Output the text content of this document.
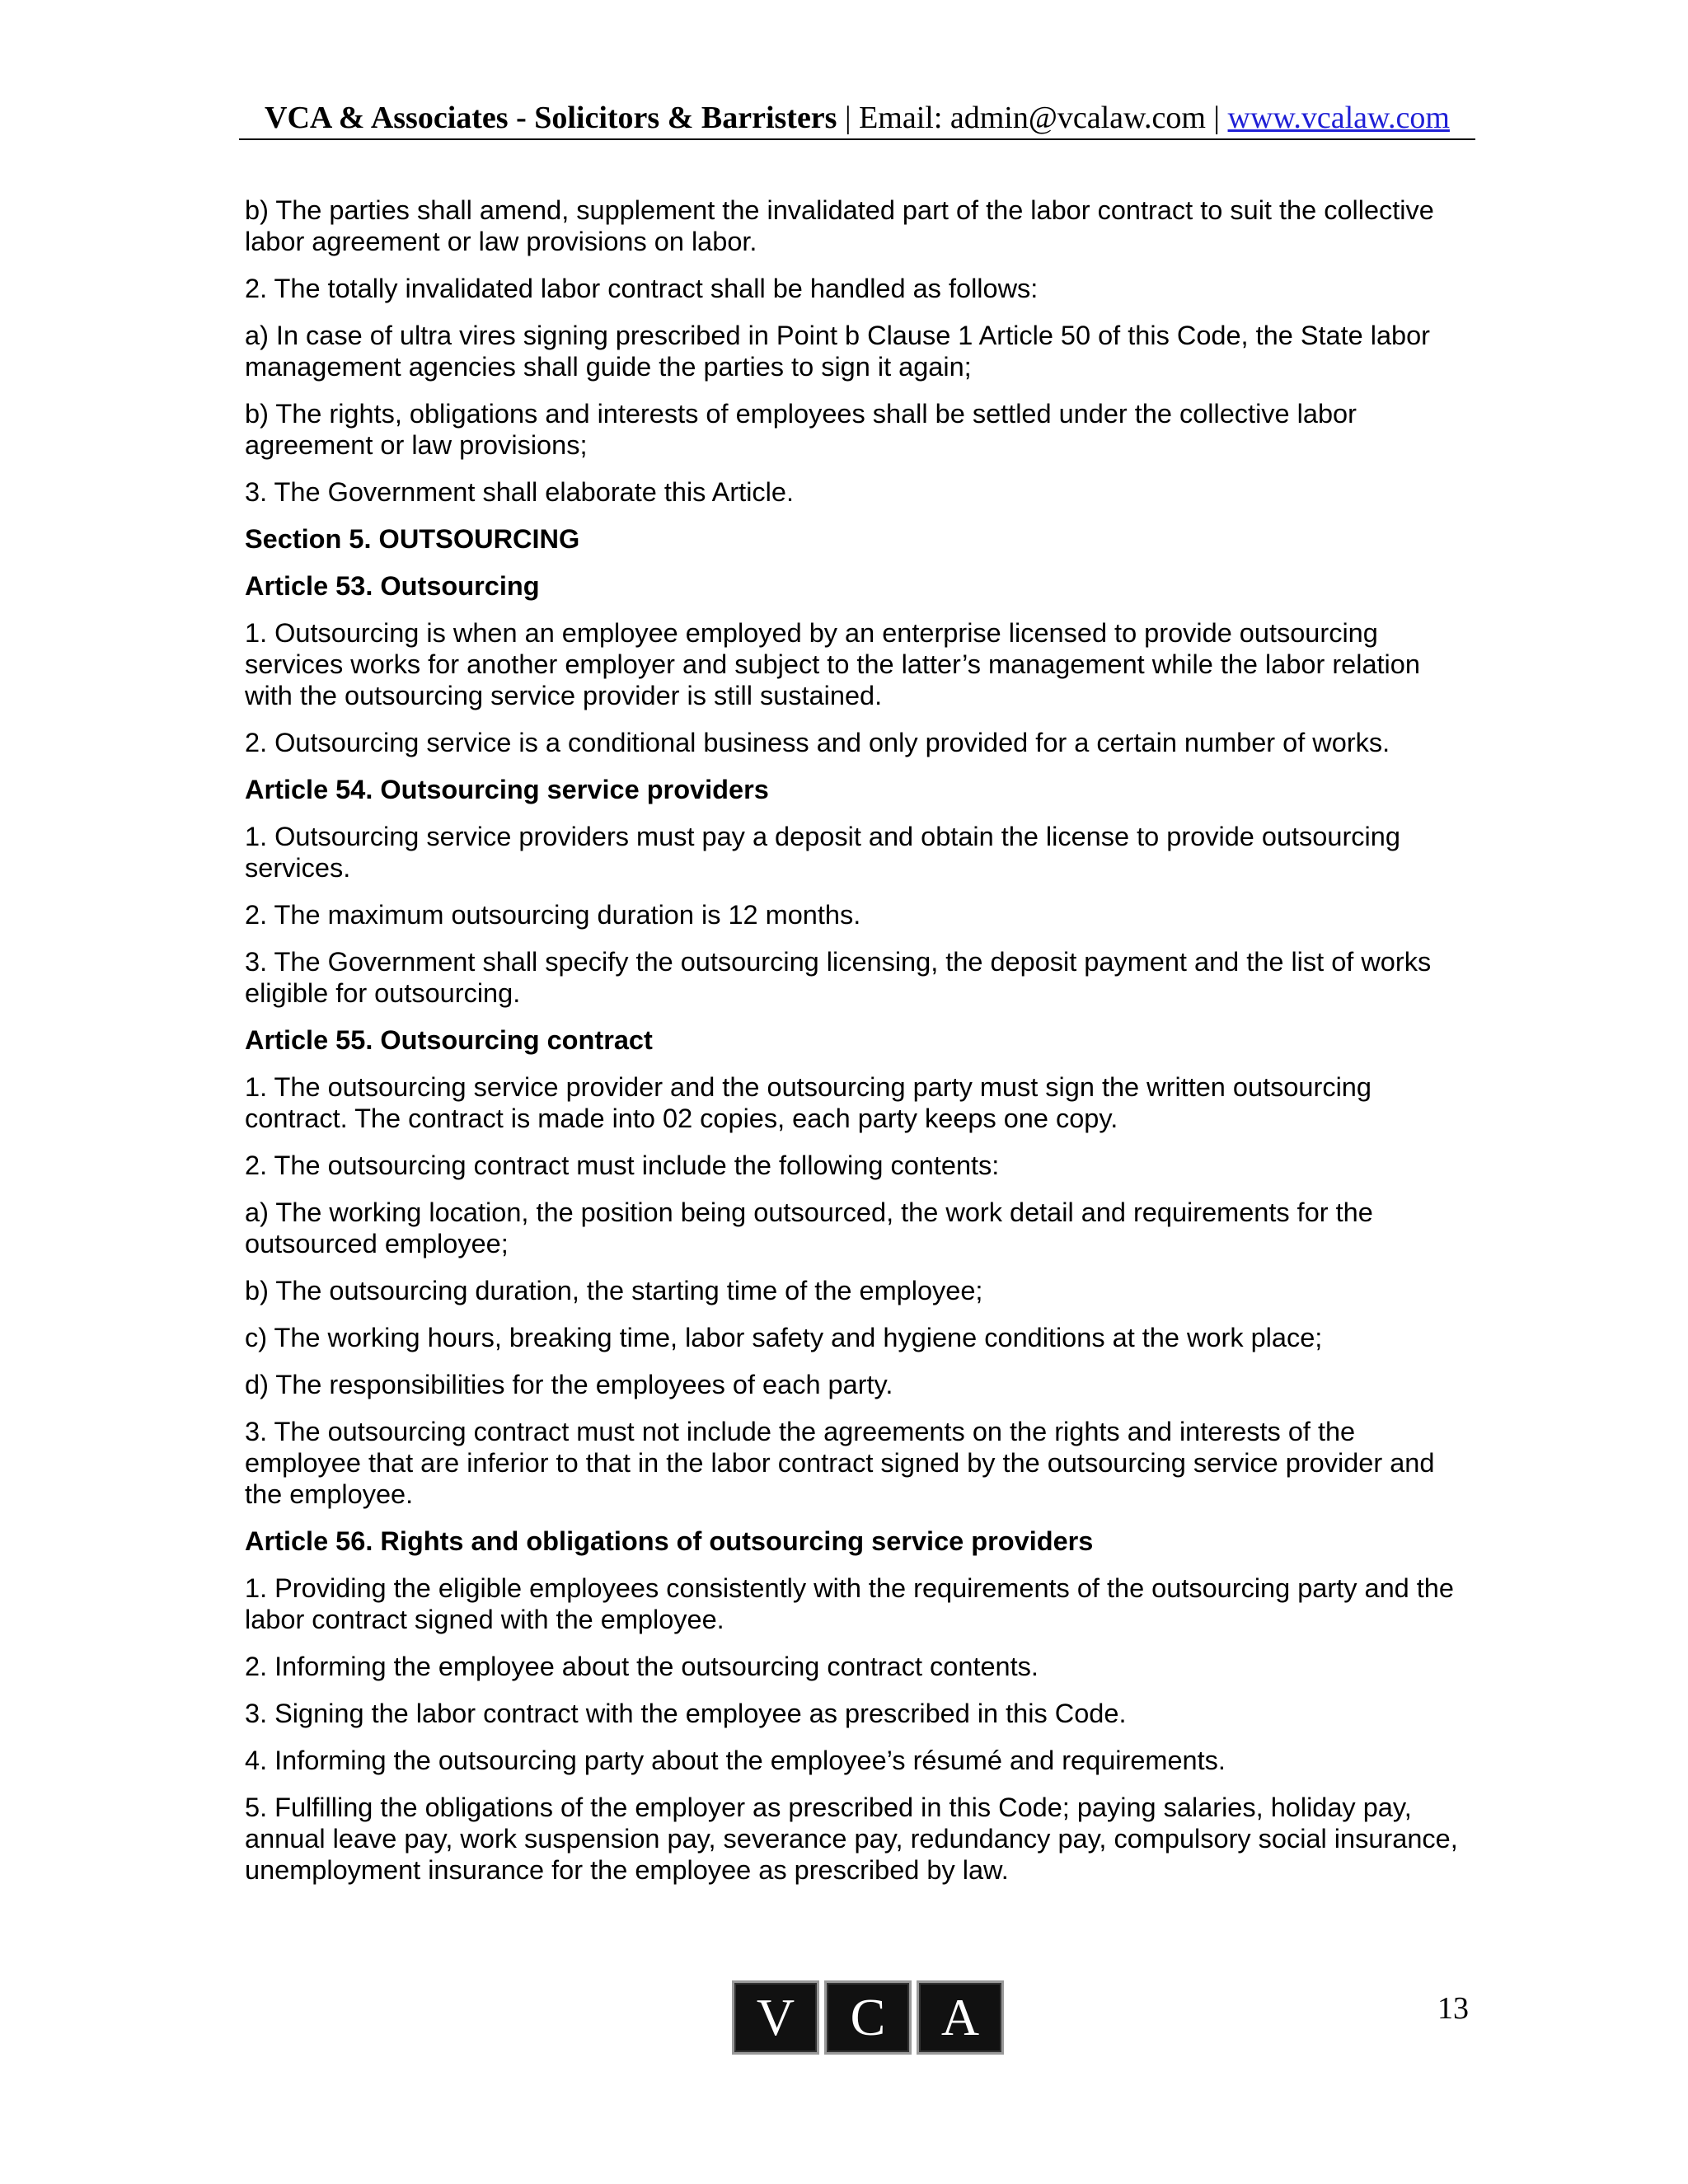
VCA & Associates - Solicitors & Barristers | Email: admin@vcalaw.com | www.vcalaw.com

b) The parties shall amend, supplement the invalidated part of the labor contract to suit the collective labor agreement or law provisions on labor.

2. The totally invalidated labor contract shall be handled as follows:

a) In case of ultra vires signing prescribed in Point b Clause 1 Article 50 of this Code, the State labor management agencies shall guide the parties to sign it again;

b) The rights, obligations and interests of employees shall be settled under the collective labor agreement or law provisions;

3. The Government shall elaborate this Article.

Section 5. OUTSOURCING

Article 53. Outsourcing

1. Outsourcing is when an employee employed by an enterprise licensed to provide outsourcing services works for another employer and subject to the latter’s management while the labor relation with the outsourcing service provider is still sustained.

2. Outsourcing service is a conditional business and only provided for a certain number of works.

Article 54. Outsourcing service providers

1. Outsourcing service providers must pay a deposit and obtain the license to provide outsourcing services.

2. The maximum outsourcing duration is 12 months.

3. The Government shall specify the outsourcing licensing, the deposit payment and the list of works eligible for outsourcing.

Article 55. Outsourcing contract

1. The outsourcing service provider and the outsourcing party must sign the written outsourcing contract. The contract is made into 02 copies, each party keeps one copy.

2. The outsourcing contract must include the following contents:

a) The working location, the position being outsourced, the work detail and requirements for the outsourced employee;

b) The outsourcing duration, the starting time of the employee;

c) The working hours, breaking time, labor safety and hygiene conditions at the work place;

d) The responsibilities for the employees of each party.

3. The outsourcing contract must not include the agreements on the rights and interests of the employee that are inferior to that in the labor contract signed by the outsourcing service provider and the employee.

Article 56. Rights and obligations of outsourcing service providers

1. Providing the eligible employees consistently with the requirements of the outsourcing party and the labor contract signed with the employee.

2. Informing the employee about the outsourcing contract contents.

3. Signing the labor contract with the employee as prescribed in this Code.

4. Informing the outsourcing party about the employee’s résumé and requirements.

5. Fulfilling the obligations of the employer as prescribed in this Code; paying salaries, holiday pay, annual leave pay, work suspension pay, severance pay, redundancy pay, compulsory social insurance, unemployment insurance for the employee as prescribed by law.

V	C	A	13
